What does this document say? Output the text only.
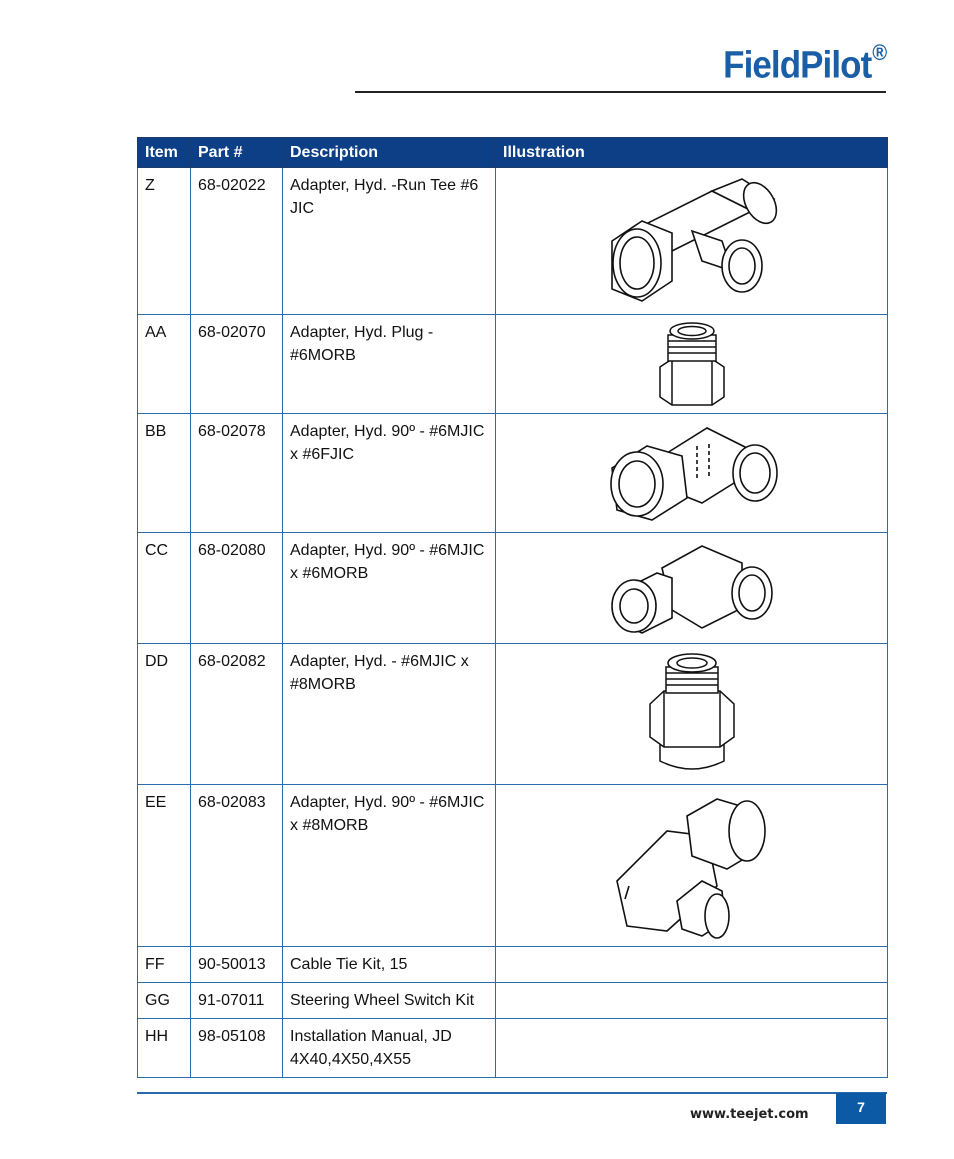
FieldPilot®
Item	Part #	Description	Illustration
Z	68-02022	Adapter, Hyd. -Run Tee #6 JIC	

AA	68-02070	Adapter, Hyd. Plug - #6MORB	

BB	68-02078	Adapter, Hyd. 90º - #6MJIC x #6FJIC	

CC	68-02080	Adapter, Hyd. 90º - #6MJIC x #6MORB	

DD	68-02082	Adapter, Hyd. - #6MJIC x #8MORB	

EE	68-02083	Adapter, Hyd. 90º - #6MJIC x #8MORB	

FF	90-50013	Cable Tie Kit, 15	
GG	91-07011	Steering Wheel Switch Kit	
HH	98-05108	Installation Manual, JD 4X40,4X50,4X55	
www.teejet.com	7
